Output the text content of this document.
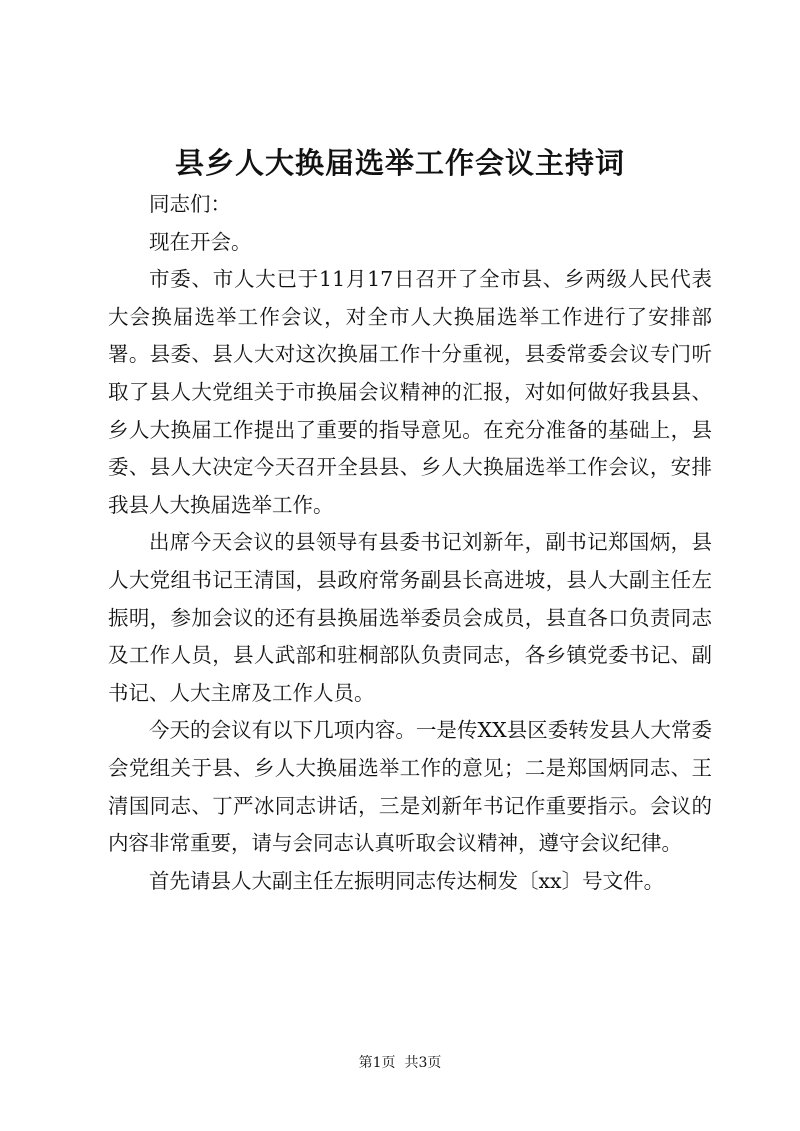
县乡人大换届选举工作会议主持词

同志们：

现在开会。

市委、市人大已于11月17日召开了全市县、乡两级人民代表大会换届选举工作会议，对全市人大换届选举工作进行了安排部署。县委、县人大对这次换届工作十分重视，县委常委会议专门听取了县人大党组关于市换届会议精神的汇报，对如何做好我县县、乡人大换届工作提出了重要的指导意见。在充分准备的基础上，县委、县人大决定今天召开全县县、乡人大换届选举工作会议，安排我县人大换届选举工作。

出席今天会议的县领导有县委书记刘新年，副书记郑国炳，县人大党组书记王清国，县政府常务副县长高进坡，县人大副主任左振明，参加会议的还有县换届选举委员会成员，县直各口负责同志及工作人员，县人武部和驻桐部队负责同志，各乡镇党委书记、副书记、人大主席及工作人员。

今天的会议有以下几项内容。一是传XX县区委转发县人大常委会党组关于县、乡人大换届选举工作的意见；二是郑国炳同志、王清国同志、丁严冰同志讲话，三是刘新年书记作重要指示。会议的内容非常重要，请与会同志认真听取会议精神，遵守会议纪律。

首先请县人大副主任左振明同志传达桐发〔xx〕号文件。

第1页 共3页
